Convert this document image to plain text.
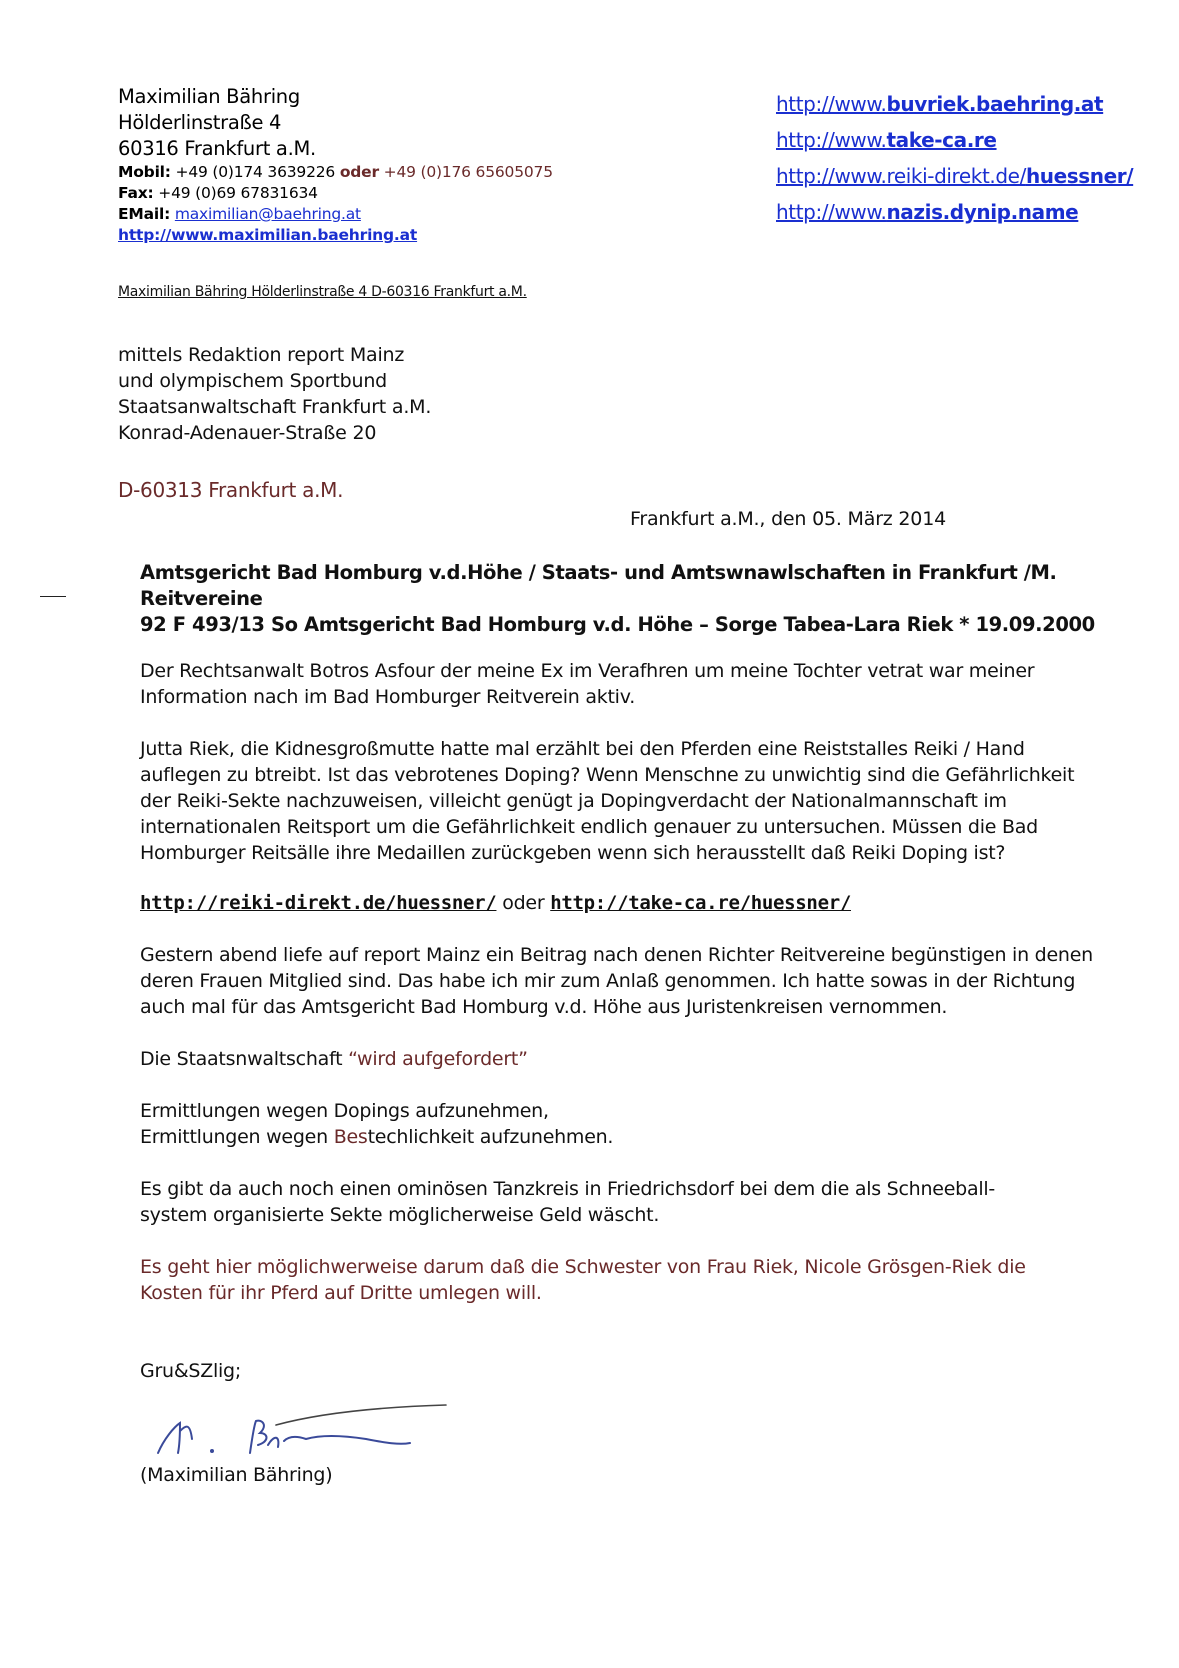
Maximilian Bähring
Hölderlinstraße 4
60316 Frankfurt a.M.
Mobil: +49 (0)174 3639226 oder +49 (0)176 65605075
Fax: +49 (0)69 67831634
EMail: maximilian@baehring.at
http://www.maximilian.baehring.at
http://www.buvriek.baehring.at
http://www.take-ca.re
http://www.reiki-direkt.de/huessner/
http://www.nazis.dynip.name
Maximilian Bähring Hölderlinstraße 4 D-60316 Frankfurt a.M.
mittels Redaktion report Mainz
und olympischem Sportbund
Staatsanwaltschaft Frankfurt a.M.
Konrad-Adenauer-Straße 20
D-60313 Frankfurt a.M.
Frankfurt a.M., den 05. März 2014
Amtsgericht Bad Homburg v.d.Höhe / Staats- und Amtswnawlschaften in Frankfurt /M. Reitvereine
92 F 493/13 So Amtsgericht Bad Homburg v.d. Höhe – Sorge Tabea-Lara Riek * 19.09.2000
Der Rechtsanwalt Botros Asfour der meine Ex im Verafhren um meine Tochter vetrat war meiner Information nach im Bad Homburger Reitverein aktiv.
Jutta Riek, die Kidnesgroßmutte hatte mal erzählt bei den Pferden eine Reiststalles Reiki / Hand auflegen zu btreibt. Ist das vebrotenes Doping? Wenn Menschne zu unwichtig sind die Gefährlichkeit der Reiki-Sekte nachzuweisen, villeicht genügt ja Dopingverdacht der Nationalmannschaft im internationalen Reitsport um die Gefährlichkeit endlich genauer zu untersuchen. Müssen die Bad Homburger Reitsälle ihre Medaillen zurückgeben wenn sich herausstellt daß Reiki Doping ist?
http://reiki-direkt.de/huessner/ oder http://take-ca.re/huessner/
Gestern abend liefe auf report Mainz ein Beitrag nach denen Richter Reitvereine begünstigen in denen deren Frauen Mitglied sind. Das habe ich mir zum Anlaß genommen. Ich hatte sowas in der Richtung auch mal für das Amtsgericht Bad Homburg v.d. Höhe aus Juristenkreisen vernommen.
Die Staatsnwaltschaft “wird aufgefordert”
Ermittlungen wegen Dopings aufzunehmen,
Ermittlungen wegen Bestechlichkeit aufzunehmen.
Es gibt da auch noch einen ominösen Tanzkreis in Friedrichsdorf bei dem die als Schneeball-system organisierte Sekte möglicherweise Geld wäscht.
Es geht hier möglichwerweise darum daß die Schwester von Frau Riek, Nicole Grösgen-Riek die Kosten für ihr Pferd auf Dritte umlegen will.
Gru&SZlig;
(Maximilian Bähring)
